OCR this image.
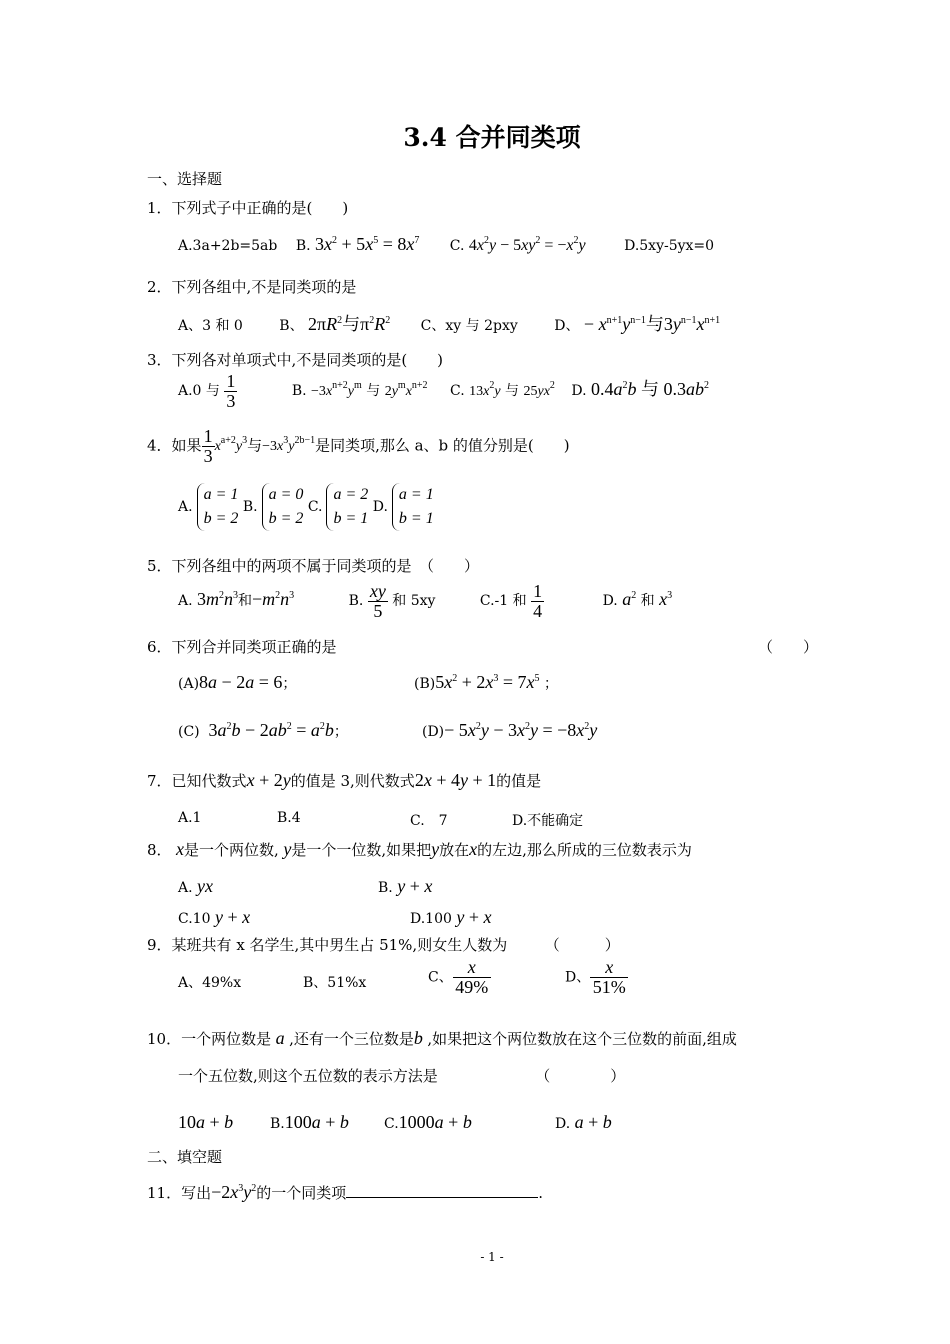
3.4 合并同类项
一、选择题
1．下列式子中正确的是(　　)
A.3a+2b=5ab B. $3x^2 + 5x^5 = 8x^7$ C. $4x^2y - 5xy^2 = -x^2y$	D.5xy-5yx=0
2．下列各组中,不是同类项的是
A、3 和 0	B、 $2\pi R^2$与$\pi^2R^2$ C、xy 与 2pxy	D、 − $x^{n+1}y^{n-1}$与$3y^{n-1}x^{n+1}$
3．下列各对单项式中,不是同类项的是(　　)
A.0 与 $\frac{1}{3}$	B. $-3x^{n+2}y^m$ 与 $2y^mx^{n+2}$ C. $13x^2y$ 与 $25yx^2$ D. $0.4a^2b$ 与 $0.3ab^2$
4．如果 $\frac{1}{3} x^{a+2}y^3$与$-3x^3y^{2b-1}$是同类项,那么 a、b 的值分别是(　　)
A.a = 1
b = 2 B.a = 0
b = 2 C.a = 2
b = 1 D.a = 1
b = 1
5．下列各组中的两项不属于同类项的是　（　　）
A. $3m^2n^3$和$-m^2n^3$	B. $\frac{xy}{5}$ 和 5xy	C.-1 和 $\frac{1}{4}$	D. $a^2$ 和 $x^3$
6．下列合并同类项正确的是	（　　）
(A)8a − 2a = 6；	$(B)5x^2 + 2x^3 = 7x^5$ ；
(C) $3a^2b - 2ab^2 = a^2b$；	$(D)- 5x^2y - 3x^2y = -8x^2y$
7．已知代数式x + 2y的值是 3,则代数式2x + 4y + 1的值是
A.1	B.4	C.　7	D.不能确定
8． x是一个两位数, y是一个一位数,如果把y放在x的左边,那么所成的三位数表示为
A. yx	B. y + x
C.10 y + x	D.100 y + x
9．某班共有 x 名学生,其中男生占 51%,则女生人数为　　　（　　　）
A、49%x	B、51%x	C、 $\frac{x}{49\%}$	D、 $\frac{x}{51\%}$
10．一个两位数是 a ,还有一个三位数是b ,如果把这个两位数放在这个三位数的前面,组成
一个五位数,则这个五位数的表示方法是　　　　　　　（　　　　）
10a + b	B.100a + b	C.1000a + b	D. a + b
二、填空题
11．写出$-2x^3y^2$的一个同类项	.
- 1 -
